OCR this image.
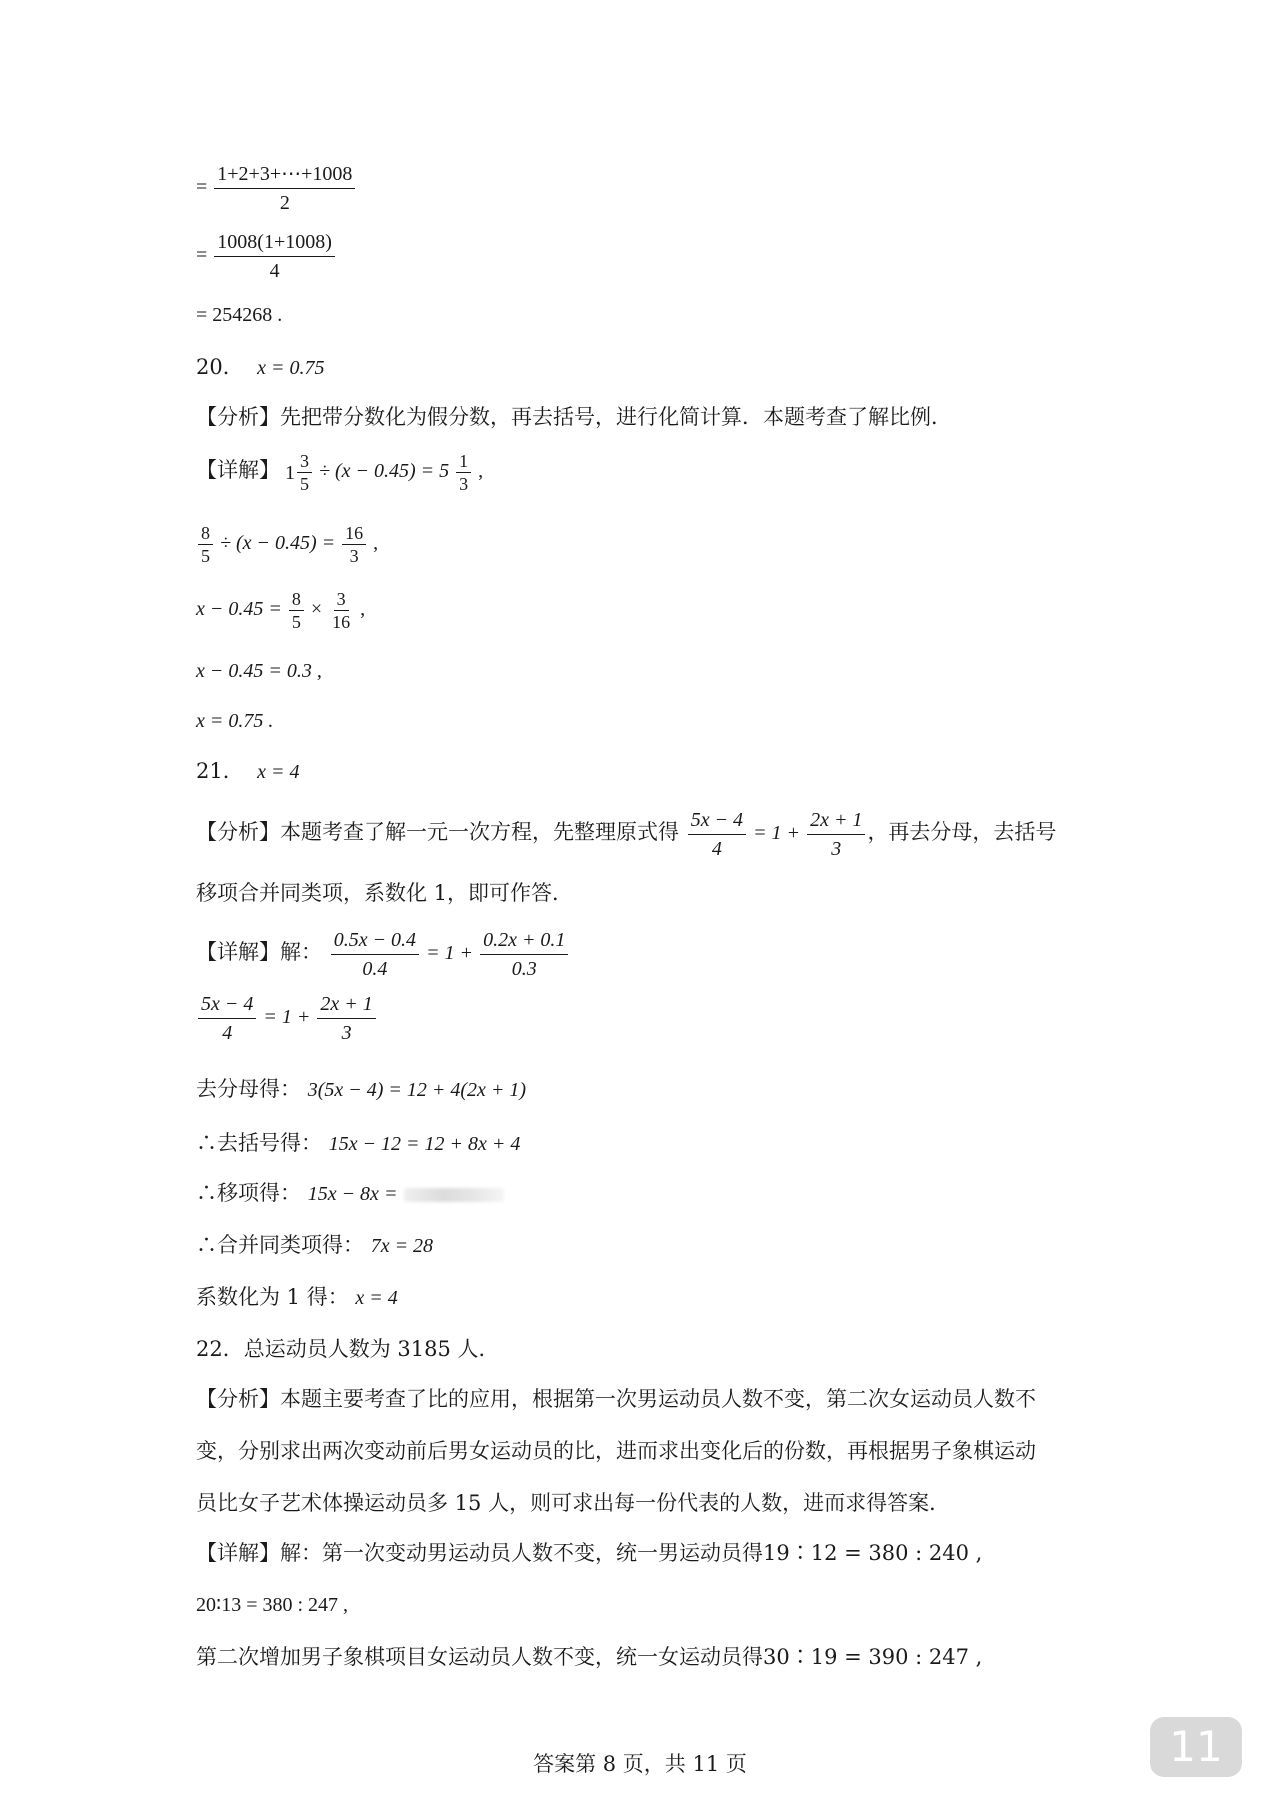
= $\frac{1+2+3+\cdots+1008}{2}$
= $\frac{1008(1+1008)}{4}$
= 254268 .
20． x = 0.75
【分析】先把带分数化为假分数，再去括号，进行化简计算．本题考查了解比例．
【详解】 $1 \frac{3}{5} \div (x - 0.45) = 5 \frac{1}{3}$ ,
$\frac{8}{5} \div (x - 0.45) = \frac{16}{3}$ ,
$x - 0.45 = \frac{8}{5} \times \frac{3}{16}$ ,
x − 0.45 = 0.3 ,
x = 0.75 .
21． x = 4
【分析】本题考查了解一元一次方程，先整理原式得 $\frac{5x - 4}{4} = 1 + \frac{2x + 1}{3}$ ，再去分母，去括号
移项合并同类项，系数化 1，即可作答．
【详解】解： $\frac{0.5x - 0.4}{0.4} = 1 + \frac{0.2x + 0.1}{0.3}$
$\frac{5x - 4}{4} = 1 + \frac{2x + 1}{3}$
去分母得： 3(5x − 4) = 12 + 4(2x + 1)
∴去括号得： 15x − 12 = 12 + 8x + 4
∴移项得： 15x − 8x =
∴合并同类项得： 7x = 28
系数化为 1 得： x = 4
22．总运动员人数为 3185 人．
【分析】本题主要考查了比的应用，根据第一次男运动员人数不变，第二次女运动员人数不
变，分别求出两次变动前后男女运动员的比，进而求出变化后的份数，再根据男子象棋运动
员比女子艺术体操运动员多 15 人，则可求出每一份代表的人数，进而求得答案．
【详解】解：第一次变动男运动员人数不变，统一男运动员得19∶12 = 380 : 240 ,
20∶13 = 380 : 247 ,
第二次增加男子象棋项目女运动员人数不变，统一女运动员得30∶19 = 390 : 247 ,
答案第 8 页，共 11 页	11
